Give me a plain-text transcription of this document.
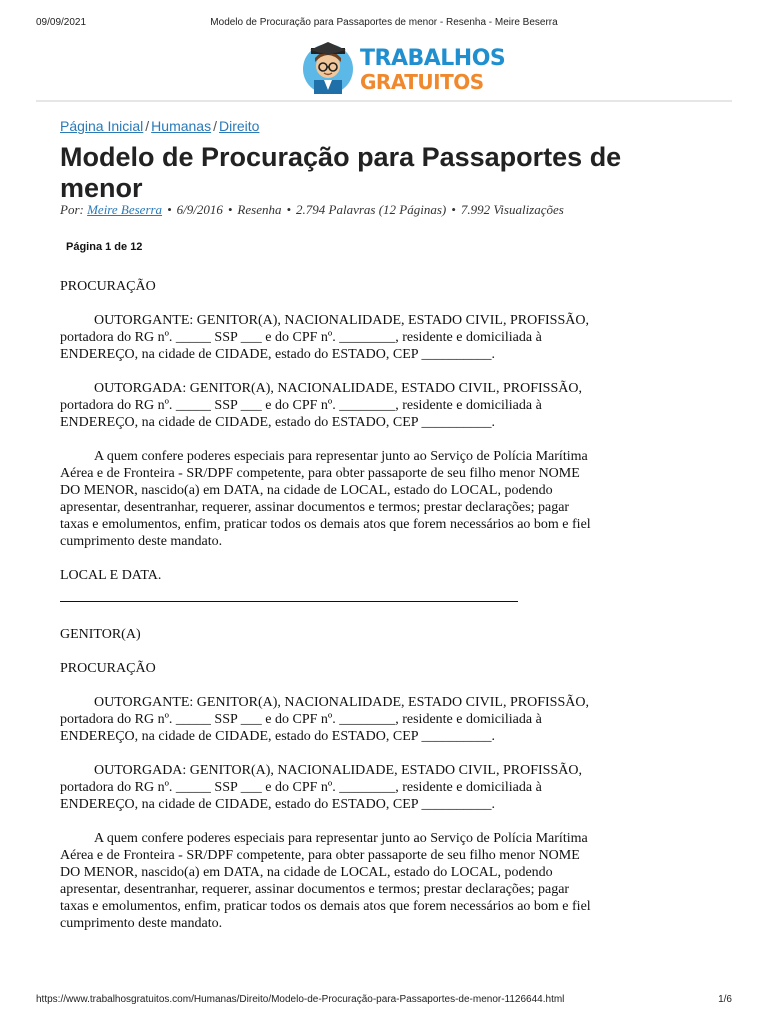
09/09/2021	Modelo de Procuração para Passaportes de menor - Resenha - Meire Beserra
TRABALHOS
GRATUITOS
Página Inicial / Humanas / Direito
Modelo de Procuração para Passaportes de menor
Por: Meire Beserra • 6/9/2016 • Resenha • 2.794 Palavras (12 Páginas) • 7.992 Visualizações
Página 1 de 12

PROCURAÇÃO

OUTORGANTE: GENITOR(A), NACIONALIDADE, ESTADO CIVIL, PROFISSÃO,

portadora do RG nº. _____ SSP ___ e do CPF nº. ________, residente e domiciliada à

ENDEREÇO, na cidade de CIDADE, estado do ESTADO, CEP __________.

OUTORGADA: GENITOR(A), NACIONALIDADE, ESTADO CIVIL, PROFISSÃO,

portadora do RG nº. _____ SSP ___ e do CPF nº. ________, residente e domiciliada à

ENDEREÇO, na cidade de CIDADE, estado do ESTADO, CEP __________.

A quem confere poderes especiais para representar junto ao Serviço de Polícia Marítima

Aérea e de Fronteira - SR/DPF competente, para obter passaporte de seu filho menor NOME

DO MENOR, nascido(a) em DATA, na cidade de LOCAL, estado do LOCAL, podendo

apresentar, desentranhar, requerer, assinar documentos e termos; prestar declarações; pagar

taxas e emolumentos, enfim, praticar todos os demais atos que forem necessários ao bom e fiel

cumprimento deste mandato.

LOCAL E DATA.

GENITOR(A)

PROCURAÇÃO

OUTORGANTE: GENITOR(A), NACIONALIDADE, ESTADO CIVIL, PROFISSÃO,

portadora do RG nº. _____ SSP ___ e do CPF nº. ________, residente e domiciliada à

ENDEREÇO, na cidade de CIDADE, estado do ESTADO, CEP __________.

OUTORGADA: GENITOR(A), NACIONALIDADE, ESTADO CIVIL, PROFISSÃO,

portadora do RG nº. _____ SSP ___ e do CPF nº. ________, residente e domiciliada à

ENDEREÇO, na cidade de CIDADE, estado do ESTADO, CEP __________.

A quem confere poderes especiais para representar junto ao Serviço de Polícia Marítima

Aérea e de Fronteira - SR/DPF competente, para obter passaporte de seu filho menor NOME

DO MENOR, nascido(a) em DATA, na cidade de LOCAL, estado do LOCAL, podendo

apresentar, desentranhar, requerer, assinar documentos e termos; prestar declarações; pagar

taxas e emolumentos, enfim, praticar todos os demais atos que forem necessários ao bom e fiel

cumprimento deste mandato.

https://www.trabalhosgratuitos.com/Humanas/Direito/Modelo-de-Procuração-para-Passaportes-de-menor-1126644.html	1/6
